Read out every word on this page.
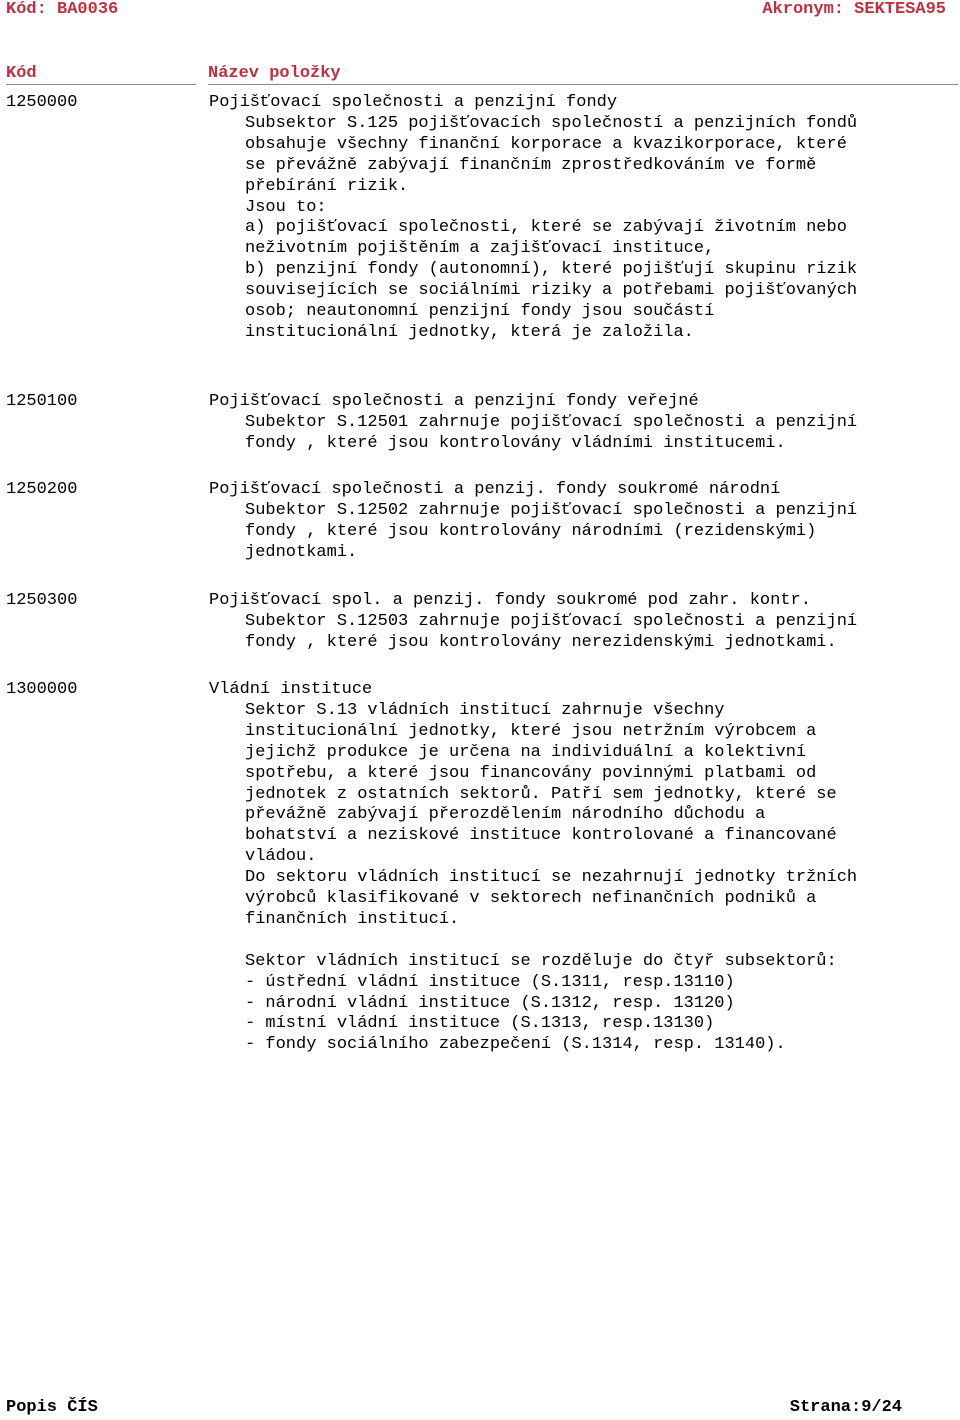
Kód: BA0036	Akronym: SEKTESA95
Kód	Název položky
1250000	Pojišťovací společnosti a penzijní fondy
Subsektor S.125 pojišťovacích společností a penzijních fondů
obsahuje všechny finanční korporace a kvazikorporace, které
se převážně zabývají finančním zprostředkováním ve formě
přebírání rizik.
Jsou to:
a) pojišťovací společnosti, které se zabývají životním nebo
neživotním pojištěním a zajišťovací instituce,
b) penzijní fondy (autonomní), které pojišťují skupinu rizik
souvisejících se sociálními riziky a potřebami pojišťovaných
osob; neautonomní penzijní fondy jsou součástí
institucionální jednotky, která je založila.
1250100	Pojišťovací společnosti a penzijní fondy veřejné
Subektor S.12501 zahrnuje pojišťovací společnosti a penzijní
fondy , které jsou kontrolovány vládními institucemi.
1250200	Pojišťovací společnosti a penzij. fondy soukromé národní
Subektor S.12502 zahrnuje pojišťovací společnosti a penzijní
fondy , které jsou kontrolovány národními (rezidenskými)
jednotkami.
1250300	Pojišťovací spol. a penzij. fondy soukromé pod zahr. kontr.
Subektor S.12503 zahrnuje pojišťovací společnosti a penzijní
fondy , které jsou kontrolovány nerezidenskými jednotkami.
1300000	Vládní instituce
Sektor S.13 vládních institucí zahrnuje všechny
institucionální jednotky, které jsou netržním výrobcem a
jejichž produkce je určena na individuální a kolektivní
spotřebu, a které jsou financovány povinnými platbami od
jednotek z ostatních sektorů. Patří sem jednotky, které se
převážně zabývají přerozdělením národního důchodu a
bohatství a neziskové instituce kontrolované a financované
vládou.
Do sektoru vládních institucí se nezahrnují jednotky tržních
výrobců klasifikované v sektorech nefinančních podniků a
finančních institucí.

Sektor vládních institucí se rozděluje do čtyř subsektorů:
- ústřední vládní instituce (S.1311, resp.13110)
- národní vládní instituce (S.1312, resp. 13120)
- místní vládní instituce (S.1313, resp.13130)
- fondy sociálního zabezpečení (S.1314, resp. 13140).
Popis ČÍS	Strana:9/24
